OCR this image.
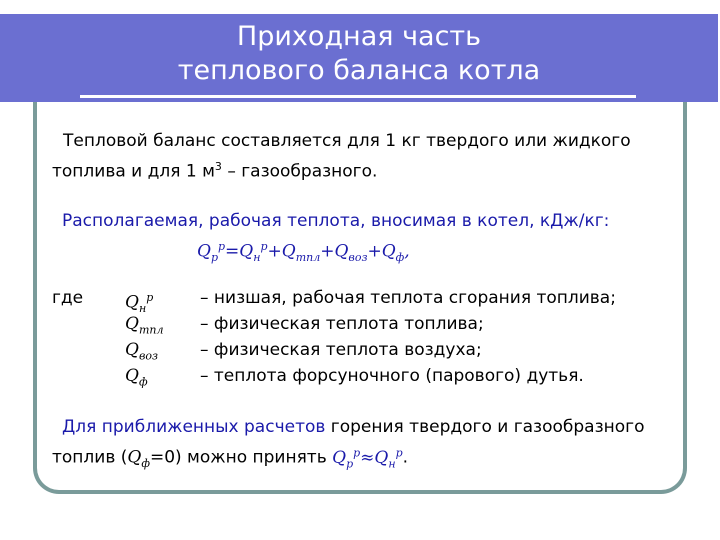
Приходная часть
теплового баланса котла
Тепловой баланс составляется для 1 кг твердого или жидкого
топлива и для 1 $м^3$ – газообразного.
Располагаемая, рабочая теплота, вносимая в котел, кДж/кг:
$Q_р^р=Q_н^р+Q_{тпл}+Q_{воз}+Q_ф$,
где $Q_н^р$
$Q_{тпл}$
$Q_{воз}$
$Q_ф$
– низшая, рабочая теплота сгорания топлива;
– физическая теплота топлива;
– физическая теплота воздуха;
– теплота форсуночного (парового) дутья.
Для приближенных расчетов горения твердого и газообразного
топлив $(Q_ф=0)$ можно принять $Q_р^р\approx Q_н^р$.
